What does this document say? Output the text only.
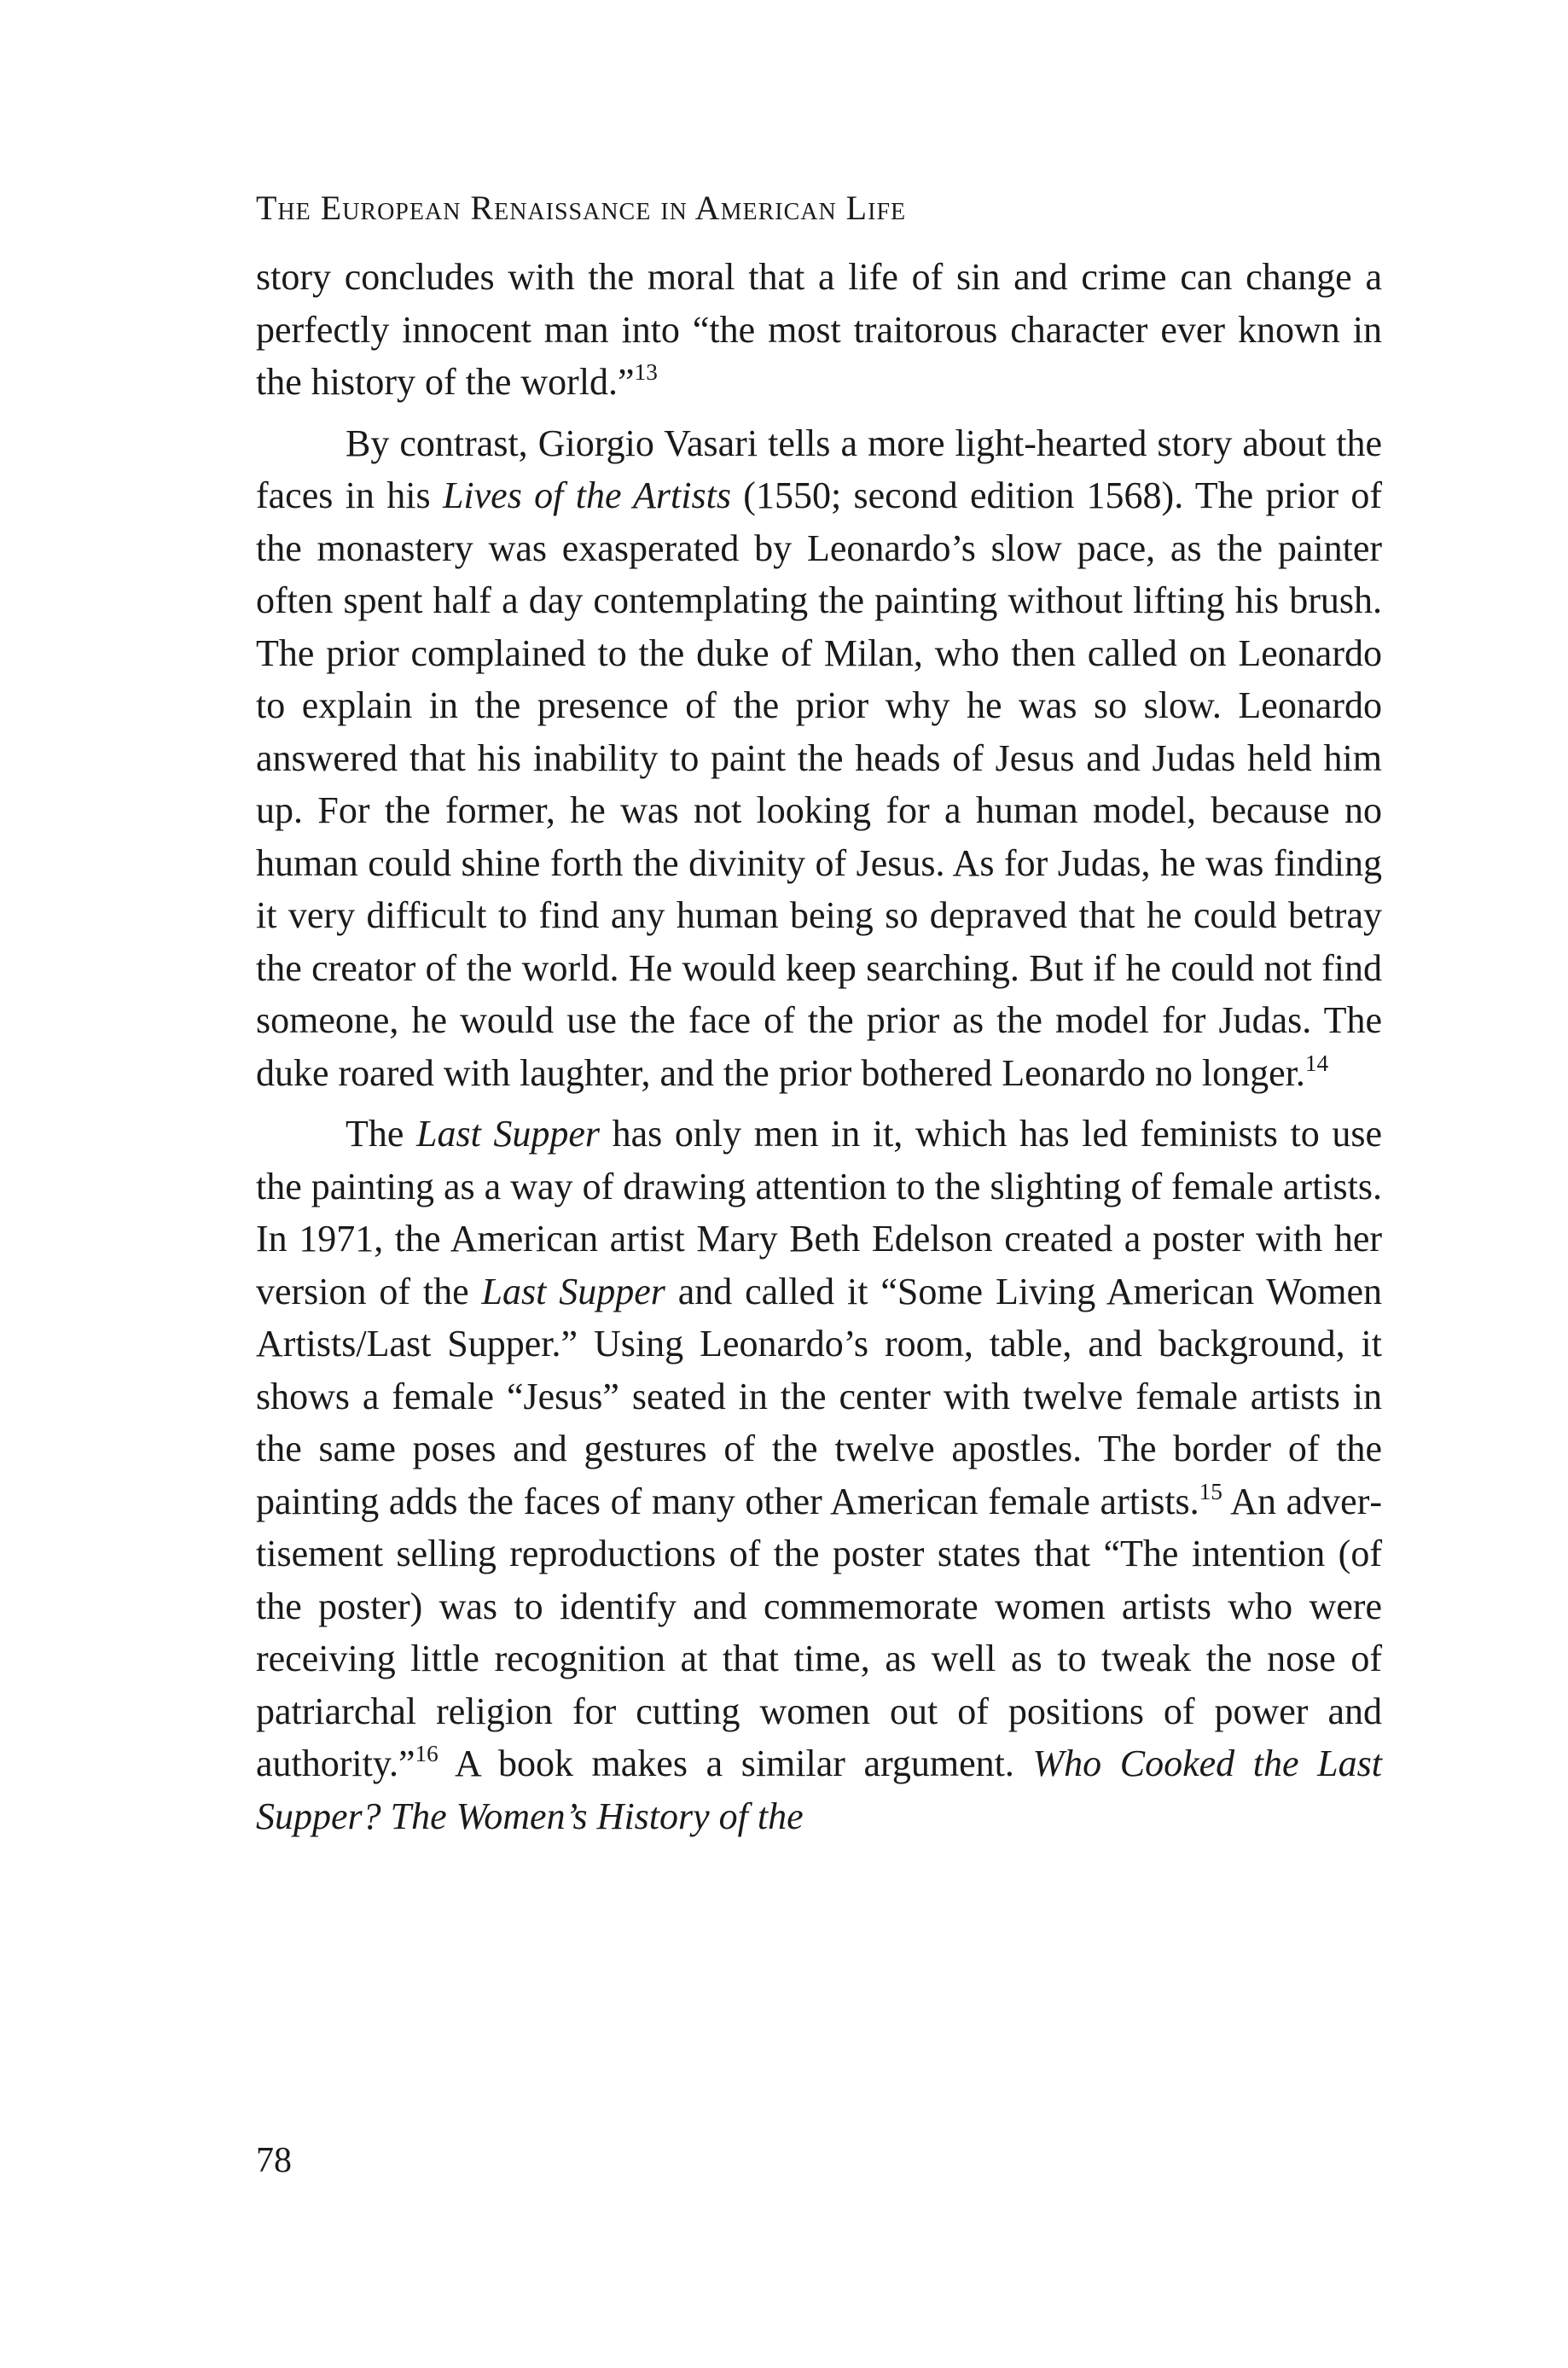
The European Renaissance in American Life

story concludes with the moral that a life of sin and crime can change a perfectly innocent man into “the most traitorous character ever known in the history of the world.”$^{13}$

By contrast, Giorgio Vasari tells a more light-hearted story about the faces in his Lives of the Artists (1550; second edition 1568). The prior of the monastery was exasperated by Leonardo’s slow pace, as the painter often spent half a day contemplating the painting without lifting his brush. The prior complained to the duke of Milan, who then called on Leonardo to explain in the presence of the prior why he was so slow. Leonardo answered that his inability to paint the heads of Jesus and Judas held him up. For the former, he was not looking for a human model, because no human could shine forth the divinity of Jesus. As for Judas, he was finding it very difficult to find any human being so depraved that he could betray the creator of the world. He would keep searching. But if he could not find someone, he would use the face of the prior as the model for Judas. The duke roared with laughter, and the prior bothered Leonardo no longer.$^{14}$

The Last Supper has only men in it, which has led feminists to use the painting as a way of drawing attention to the slighting of female artists. In 1971, the American artist Mary Beth Edelson created a poster with her version of the Last Supper and called it “Some Living American Women Artists/Last Supper.” Using Leonardo’s room, table, and background, it shows a female “Jesus” seated in the center with twelve female artists in the same poses and gestures of the twelve apostles. The border of the painting adds the faces of many other American female artists.$^{15}$ An advertisement selling reproductions of the poster states that “The intention (of the poster) was to identify and commemorate women artists who were receiving little recognition at that time, as well as to tweak the nose of patriarchal religion for cutting women out of positions of power and authority.”$^{16}$ A book makes a similar argument. Who Cooked the Last Supper? The Women’s History of the

78
